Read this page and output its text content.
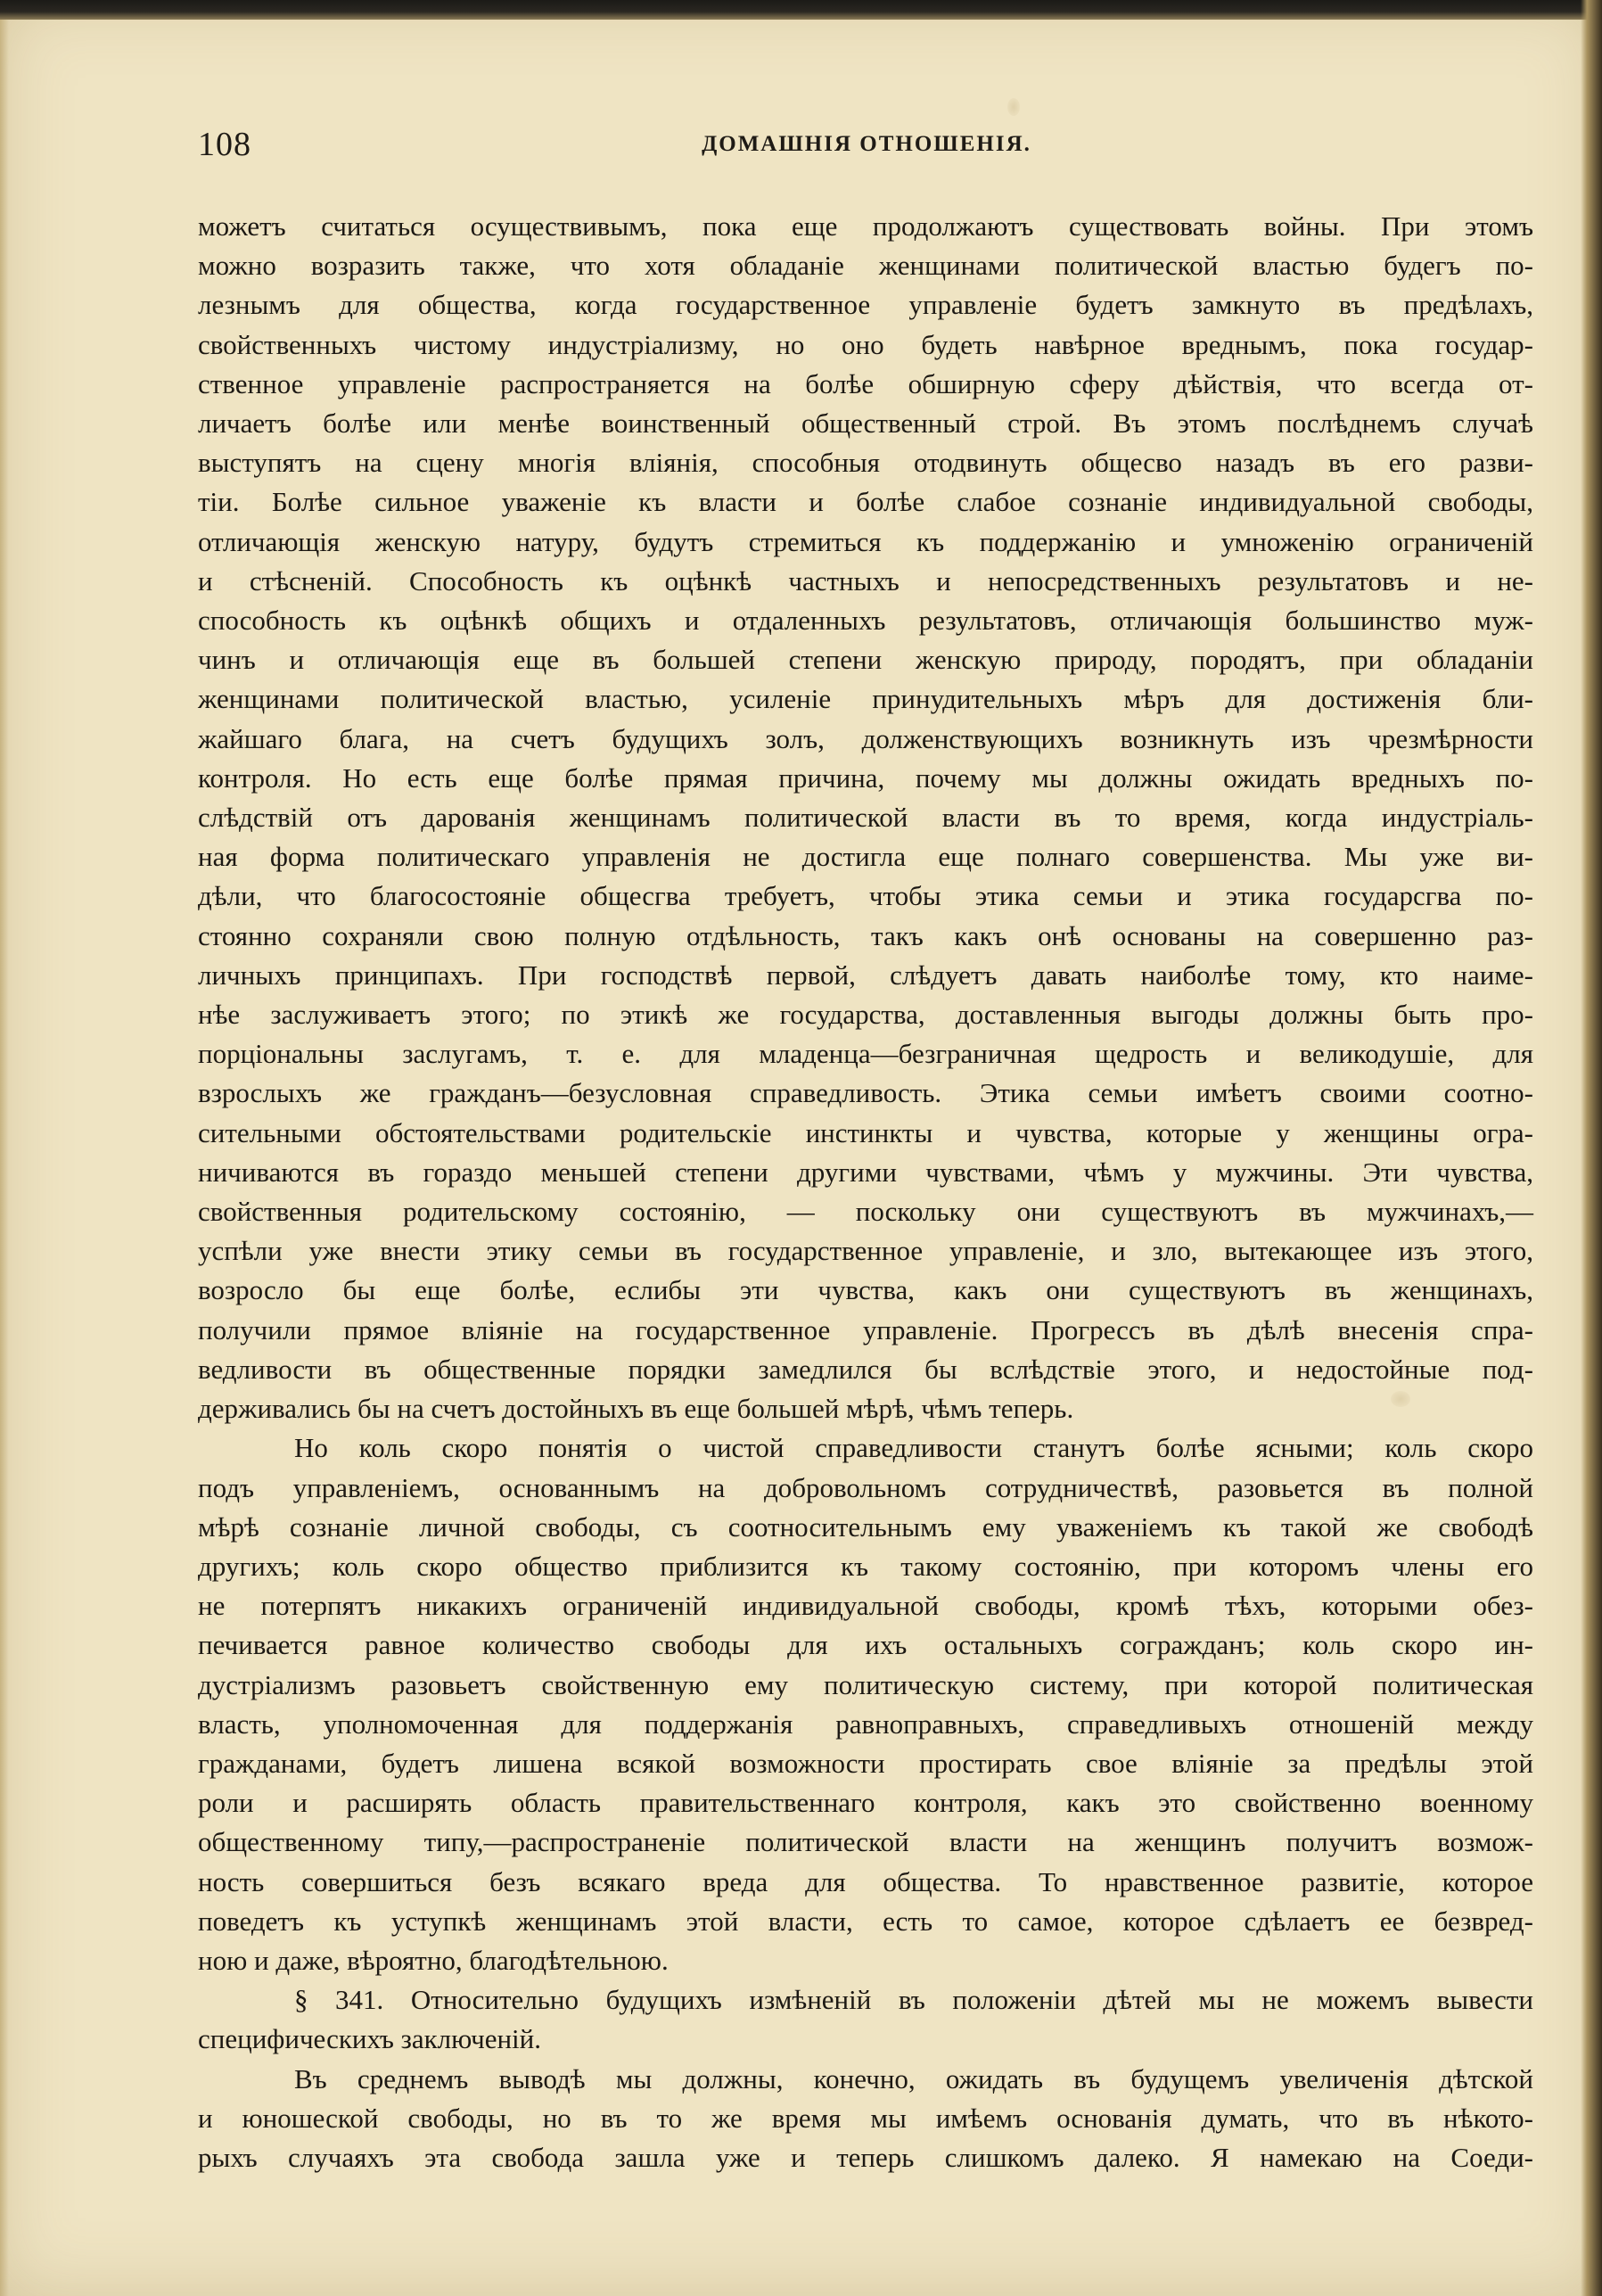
108	ДОМАШНІЯ ОТНОШЕНІЯ.
можетъ считаться осуществивымъ, пока еще продолжаютъ существовать войны. При этомъ
можно возразить также, что хотя обладаніе женщинами политической властью будегъ по-
лезнымъ для общества, когда государственное управленіе будетъ замкнуто въ предѣлахъ,
свойственныхъ чистому индустріализму, но оно будеть навѣрное вреднымъ, пока государ-
ственное управленіе распространяется на болѣе обширную сферу дѣйствія, что всегда от-
личаетъ болѣе или менѣе воинственный общественный строй. Въ этомъ послѣднемъ случаѣ
выступятъ на сцену многія вліянія, способныя отодвинуть общесво назадъ въ его разви-
тіи. Болѣе сильное уваженіе къ власти и болѣе слабое сознаніе индивидуальной свободы,
отличающія женскую натуру, будутъ стремиться къ поддержанію и умноженію ограниченій
и стѣсненій. Способность къ оцѣнкѣ частныхъ и непосредственныхъ результатовъ и не-
способность къ оцѣнкѣ общихъ и отдаленныхъ результатовъ, отличающія большинство муж-
чинъ и отличающія еще въ большей степени женскую природу, породятъ, при обладаніи
женщинами политической властью, усиленіе принудительныхъ мѣръ для достиженія бли-
жайшаго блага, на счетъ будущихъ золъ, долженствующихъ возникнуть изъ чрезмѣрности
контроля. Но есть еще болѣе прямая причина, почему мы должны ожидать вредныхъ по-
слѣдствій отъ дарованія женщинамъ политической власти въ то время, когда индустріаль-
ная форма политическаго управленія не достигла еще полнаго совершенства. Мы уже ви-
дѣли, что благосостояніе общесгва требуетъ, чтобы этика семьи и этика государсгва по-
стоянно сохраняли свою полную отдѣльность, такъ какъ онѣ основаны на совершенно раз-
личныхъ принципахъ. При господствѣ первой, слѣдуетъ давать наиболѣе тому, кто наиме-
нѣе заслуживаетъ этого; по этикѣ же государства, доставленныя выгоды должны быть про-
порціональны заслугамъ, т. е. для младенца—безграничная щедрость и великодушіе, для
взрослыхъ же гражданъ—безусловная справедливость. Этика семьи имѣетъ своими соотно-
сительными обстоятельствами родительскіе инстинкты и чувства, которые у женщины огра-
ничиваются въ гораздо меньшей степени другими чувствами, чѣмъ у мужчины. Эти чувства,
свойственныя родительскому состоянію, — поскольку они существуютъ въ мужчинахъ,—
успѣли уже внести этику семьи въ государственное управленіе, и зло, вытекающее изъ этого,
возросло бы еще болѣе, еслибы эти чувства, какъ они существуютъ въ женщинахъ,
получили прямое вліяніе на государственное управленіе. Прогрессъ въ дѣлѣ внесенія спра-
ведливости въ общественные порядки замедлился бы вслѣдствіе этого, и недостойные под-
держивались бы на счетъ достойныхъ въ еще большей мѣрѣ, чѣмъ теперь.
Но коль скоро понятія о чистой справедливости станутъ болѣе ясными; коль скоро
подъ управленіемъ, основаннымъ на добровольномъ сотрудничествѣ, разовьется въ полной
мѣрѣ сознаніе личной свободы, съ соотносительнымъ ему уваженіемъ къ такой же свободѣ
другихъ; коль скоро общество приблизится къ такому состоянію, при которомъ члены его
не потерпятъ никакихъ ограниченій индивидуальной свободы, кромѣ тѣхъ, которыми обез-
печивается равное количество свободы для ихъ остальныхъ согражданъ; коль скоро ин-
дустріализмъ разовьетъ свойственную ему политическую систему, при которой политическая
власть, уполномоченная для поддержанія равноправныхъ, справедливыхъ отношеній между
гражданами, будетъ лишена всякой возможности простирать свое вліяніе за предѣлы этой
роли и расширять область правительственнаго контроля, какъ это свойственно военному
общественному типу,—распространеніе политической власти на женщинъ получитъ возмож-
ность совершиться безъ всякаго вреда для общества. То нравственное развитіе, которое
поведетъ къ уступкѣ женщинамъ этой власти, есть то самое, которое сдѣлаетъ ее безвред-
ною и даже, вѣроятно, благодѣтельною.
§ 341. Относительно будущихъ измѣненій въ положеніи дѣтей мы не можемъ вывести
специфическихъ заключеній.
Въ среднемъ выводѣ мы должны, конечно, ожидать въ будущемъ увеличенія дѣтской
и юношеской свободы, но въ то же время мы имѣемъ основанія думать, что въ нѣкото-
рыхъ случаяхъ эта свобода зашла уже и теперь слишкомъ далеко. Я намекаю на Соеди-
